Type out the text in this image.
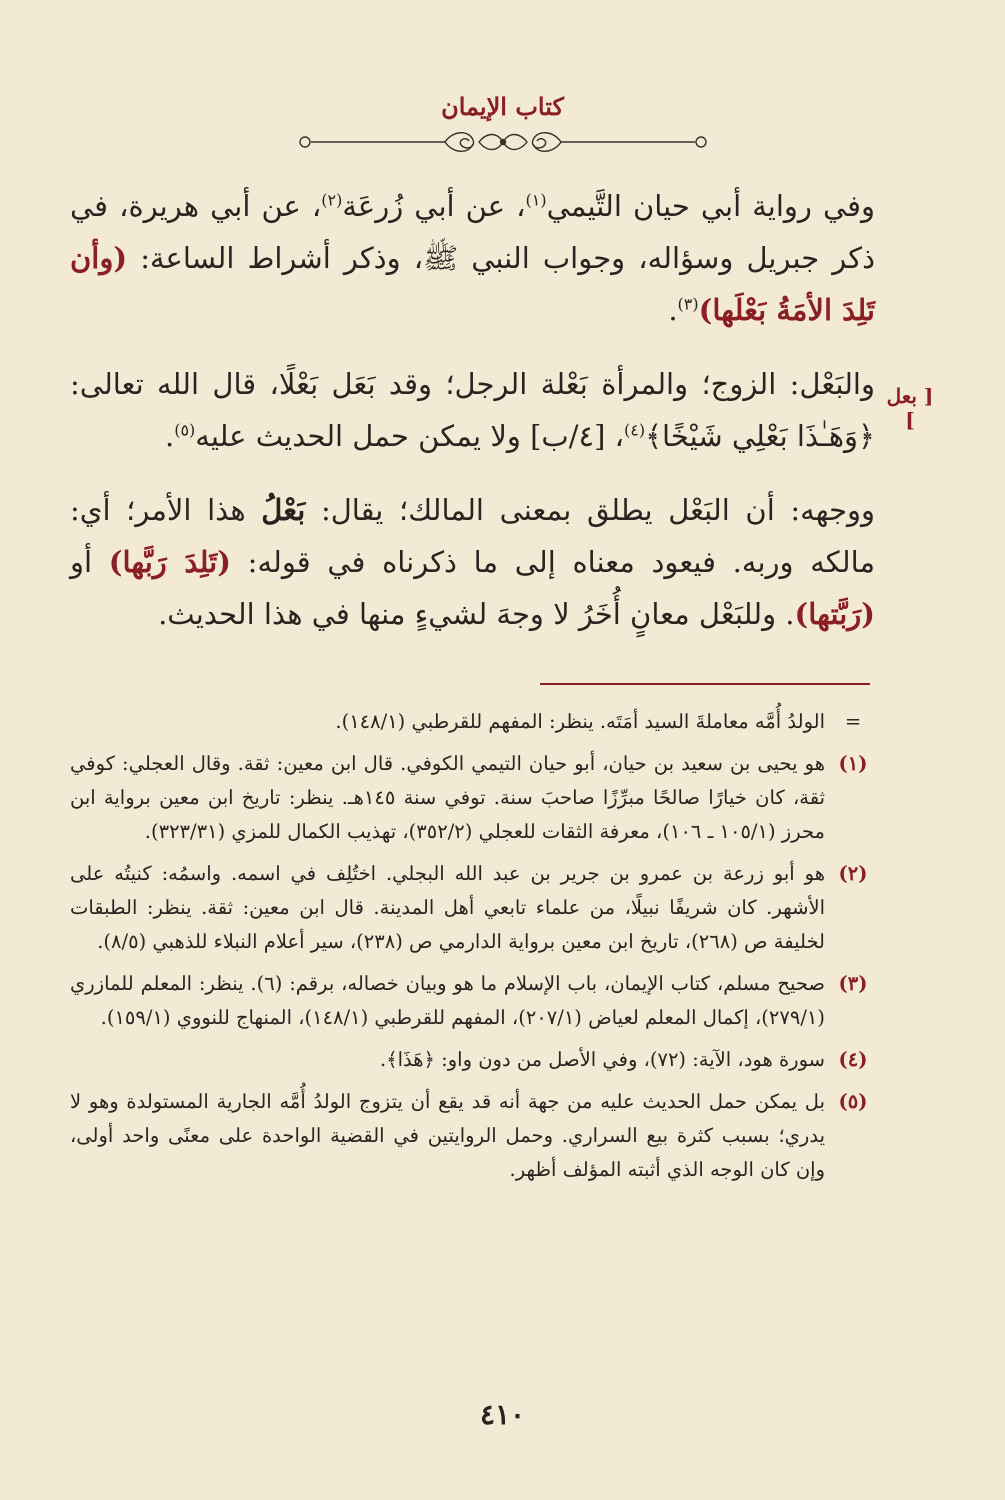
كتاب الإيمان

وفي رواية أبي حيان التَّيمي$^{(١)}$، عن أبي زُرعَة$^{(٢)}$، عن أبي هريرة، في ذكر جبريل وسؤاله، وجواب النبي ﷺ، وذكر أشراط الساعة: (وأن تَلِدَ الأمَةُ بَعْلَها)$^{(٣)}$.

والبَعْل: الزوج؛ والمرأة بَعْلة الرجل؛ وقد بَعَل بَعْلًا، قال الله تعالى: ﴿وَهَـٰذَا بَعْلِي شَيْخًا﴾$^{(٤)}$، [٤/ب] ولا يمكن حمل الحديث عليه$^{(٥)}$.

ووجهه: أن البَعْل يطلق بمعنى المالك؛ يقال: بَعْلُ هذا الأمر؛ أي: مالكه وربه. فيعود معناه إلى ما ذكرناه في قوله: (تَلِدَ رَبَّها) أو (رَبَّتها). وللبَعْل معانٍ أُخَرُ لا وجهَ لشيءٍ منها في هذا الحديث.

[ بعل ]
=
الولدُ أُمَّه معاملةَ السيد أمَتَه. ينظر: المفهم للقرطبي (١٤٨/١).
(١)
هو يحيى بن سعيد بن حيان، أبو حيان التيمي الكوفي. قال ابن معين: ثقة. وقال العجلي: كوفي ثقة، كان خيارًا صالحًا مبرِّزًا صاحبَ سنة. توفي سنة ١٤٥هـ. ينظر: تاريخ ابن معين برواية ابن محرز (١٠٥/١ ـ ١٠٦)، معرفة الثقات للعجلي (٣٥٢/٢)، تهذيب الكمال للمزي (٣٢٣/٣١).
(٢)
هو أبو زرعة بن عمرو بن جرير بن عبد الله البجلي. اختُلِف في اسمه. واسمُه: كنيتُه على الأشهر. كان شريفًا نبيلًا، من علماء تابعي أهل المدينة. قال ابن معين: ثقة. ينظر: الطبقات لخليفة ص (٢٦٨)، تاريخ ابن معين برواية الدارمي ص (٢٣٨)، سير أعلام النبلاء للذهبي (٨/٥).
(٣)
صحيح مسلم، كتاب الإيمان، باب الإسلام ما هو وبيان خصاله، برقم: (٦). ينظر: المعلم للمازري (٢٧٩/١)، إكمال المعلم لعياض (٢٠٧/١)، المفهم للقرطبي (١٤٨/١)، المنهاج للنووي (١٥٩/١).
(٤)
سورة هود، الآية: (٧٢)، وفي الأصل من دون واو: ﴿هَذَا﴾.
(٥)
بل يمكن حمل الحديث عليه من جهة أنه قد يقع أن يتزوج الولدُ أُمَّه الجارية المستولدة وهو لا يدري؛ بسبب كثرة بيع السراري. وحمل الروايتين في القضية الواحدة على معنًى واحد أولى، وإن كان الوجه الذي أثبته المؤلف أظهر.
٤١٠
